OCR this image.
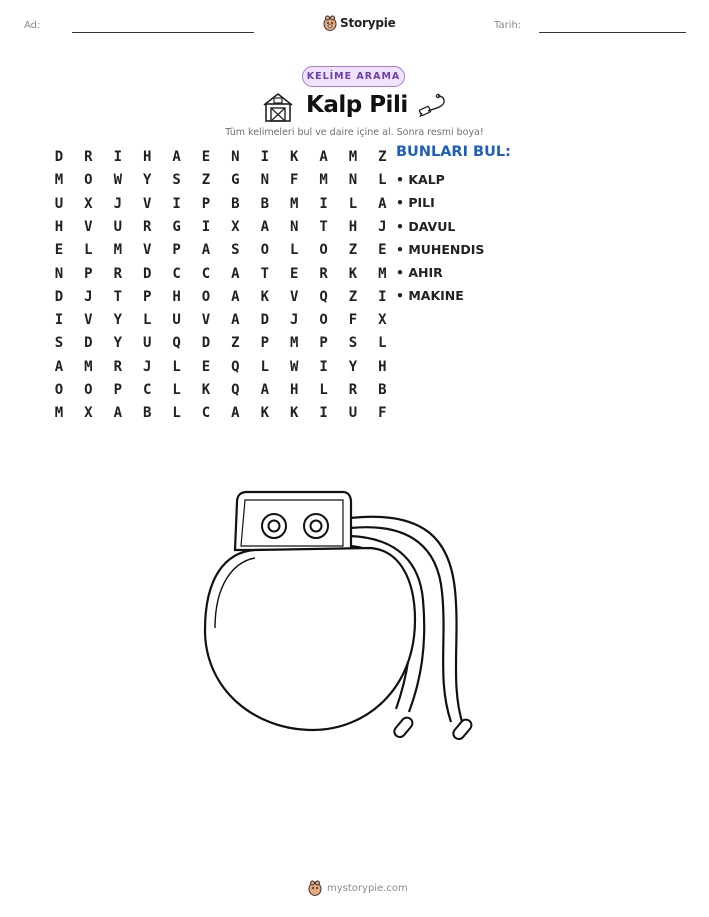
Ad:	Storypie	Tarih:
KELİME ARAMA
Kalp Pili
Tüm kelimeleri bul ve daire içine al. Sonra resmi boya!
D	R	I	H	A	E	N	I	K	A	M	Z
M	O	W	Y	S	Z	G	N	F	M	N	L
U	X	J	V	I	P	B	B	M	I	L	A
H	V	U	R	G	I	X	A	N	T	H	J
E	L	M	V	P	A	S	O	L	O	Z	E
N	P	R	D	C	C	A	T	E	R	K	M
D	J	T	P	H	O	A	K	V	Q	Z	I
I	V	Y	L	U	V	A	D	J	O	F	X
S	D	Y	U	Q	D	Z	P	M	P	S	L
A	M	R	J	L	E	Q	L	W	I	Y	H
O	O	P	C	L	K	Q	A	H	L	R	B
M	X	A	B	L	C	A	K	K	I	U	F
BUNLARI BUL:
• KALP
• PILI
• DAVUL
• MUHENDIS
• AHIR
• MAKINE
mystorypie.com
